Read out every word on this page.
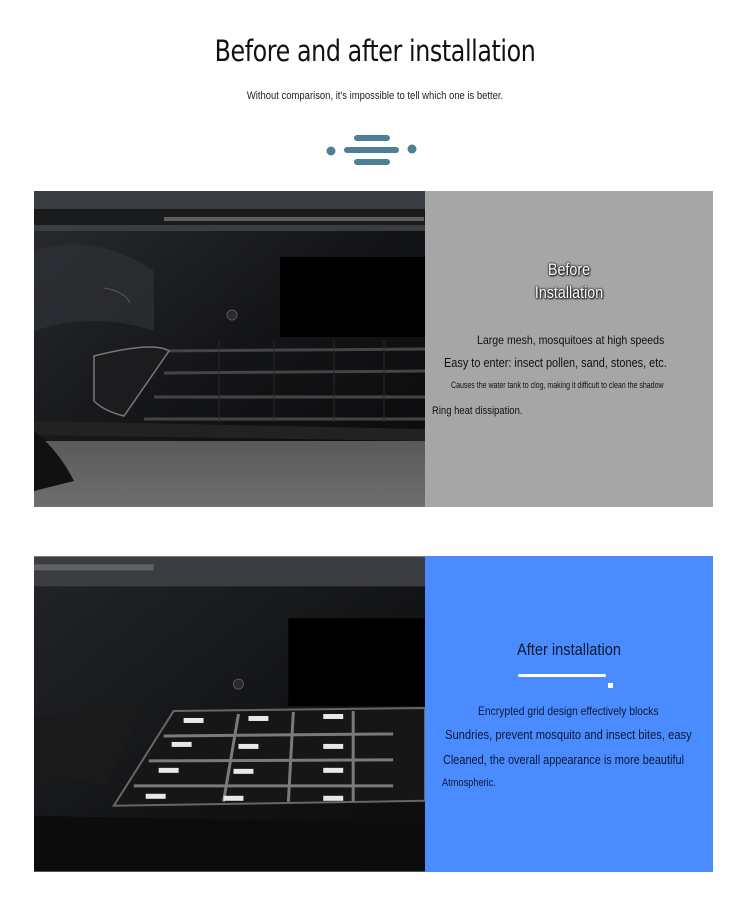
Before and after installation
Without comparison, it's impossible to tell which one is better.
Before
Installation
Large mesh, mosquitoes at high speeds
Easy to enter: insect pollen, sand, stones, etc.
Causes the water tank to clog, making it difficult to clean the shadow
Ring heat dissipation.
After installation
Encrypted grid design effectively blocks
Sundries, prevent mosquito and insect bites, easy
Cleaned, the overall appearance is more beautiful
Atmospheric.
